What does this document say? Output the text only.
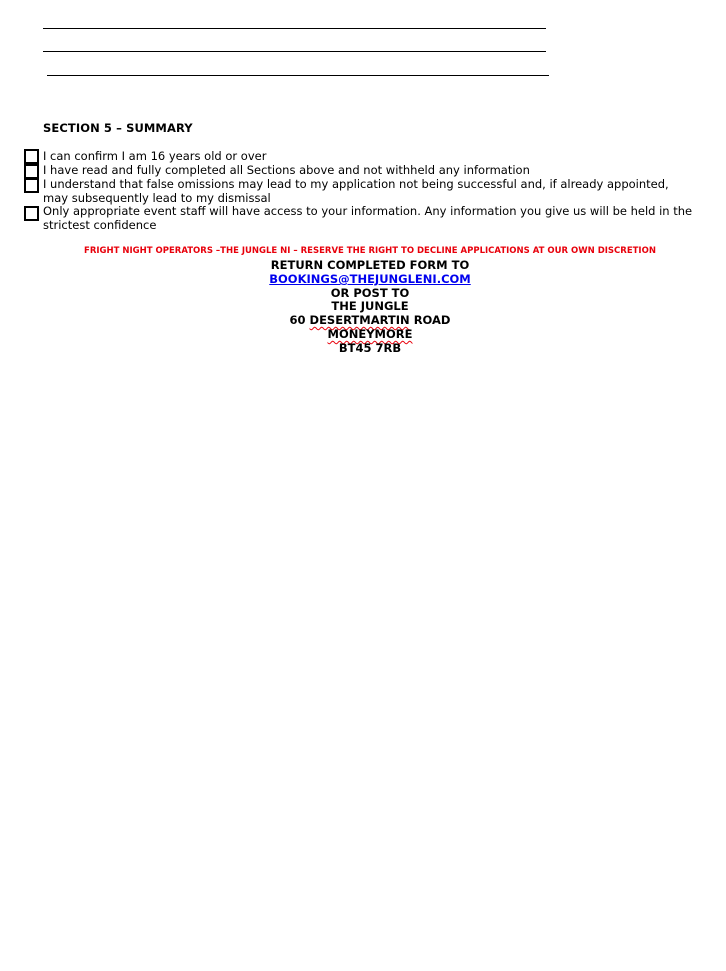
SECTION 5 – SUMMARY
I can confirm I am 16 years old or over
I have read and fully completed all Sections above and not withheld any information
I understand that false omissions may lead to my application not being successful and, if already appointed, may subsequently lead to my dismissal
Only appropriate event staff will have access to your information. Any information you give us will be held in the strictest confidence
FRIGHT NIGHT OPERATORS –THE JUNGLE NI – RESERVE THE RIGHT TO DECLINE APPLICATIONS AT OUR OWN DISCRETION
RETURN COMPLETED FORM TO
BOOKINGS@THEJUNGLENI.COM
OR POST TO
THE JUNGLE
60 DESERTMARTIN ROAD
MONEYMORE
BT45 7RB
